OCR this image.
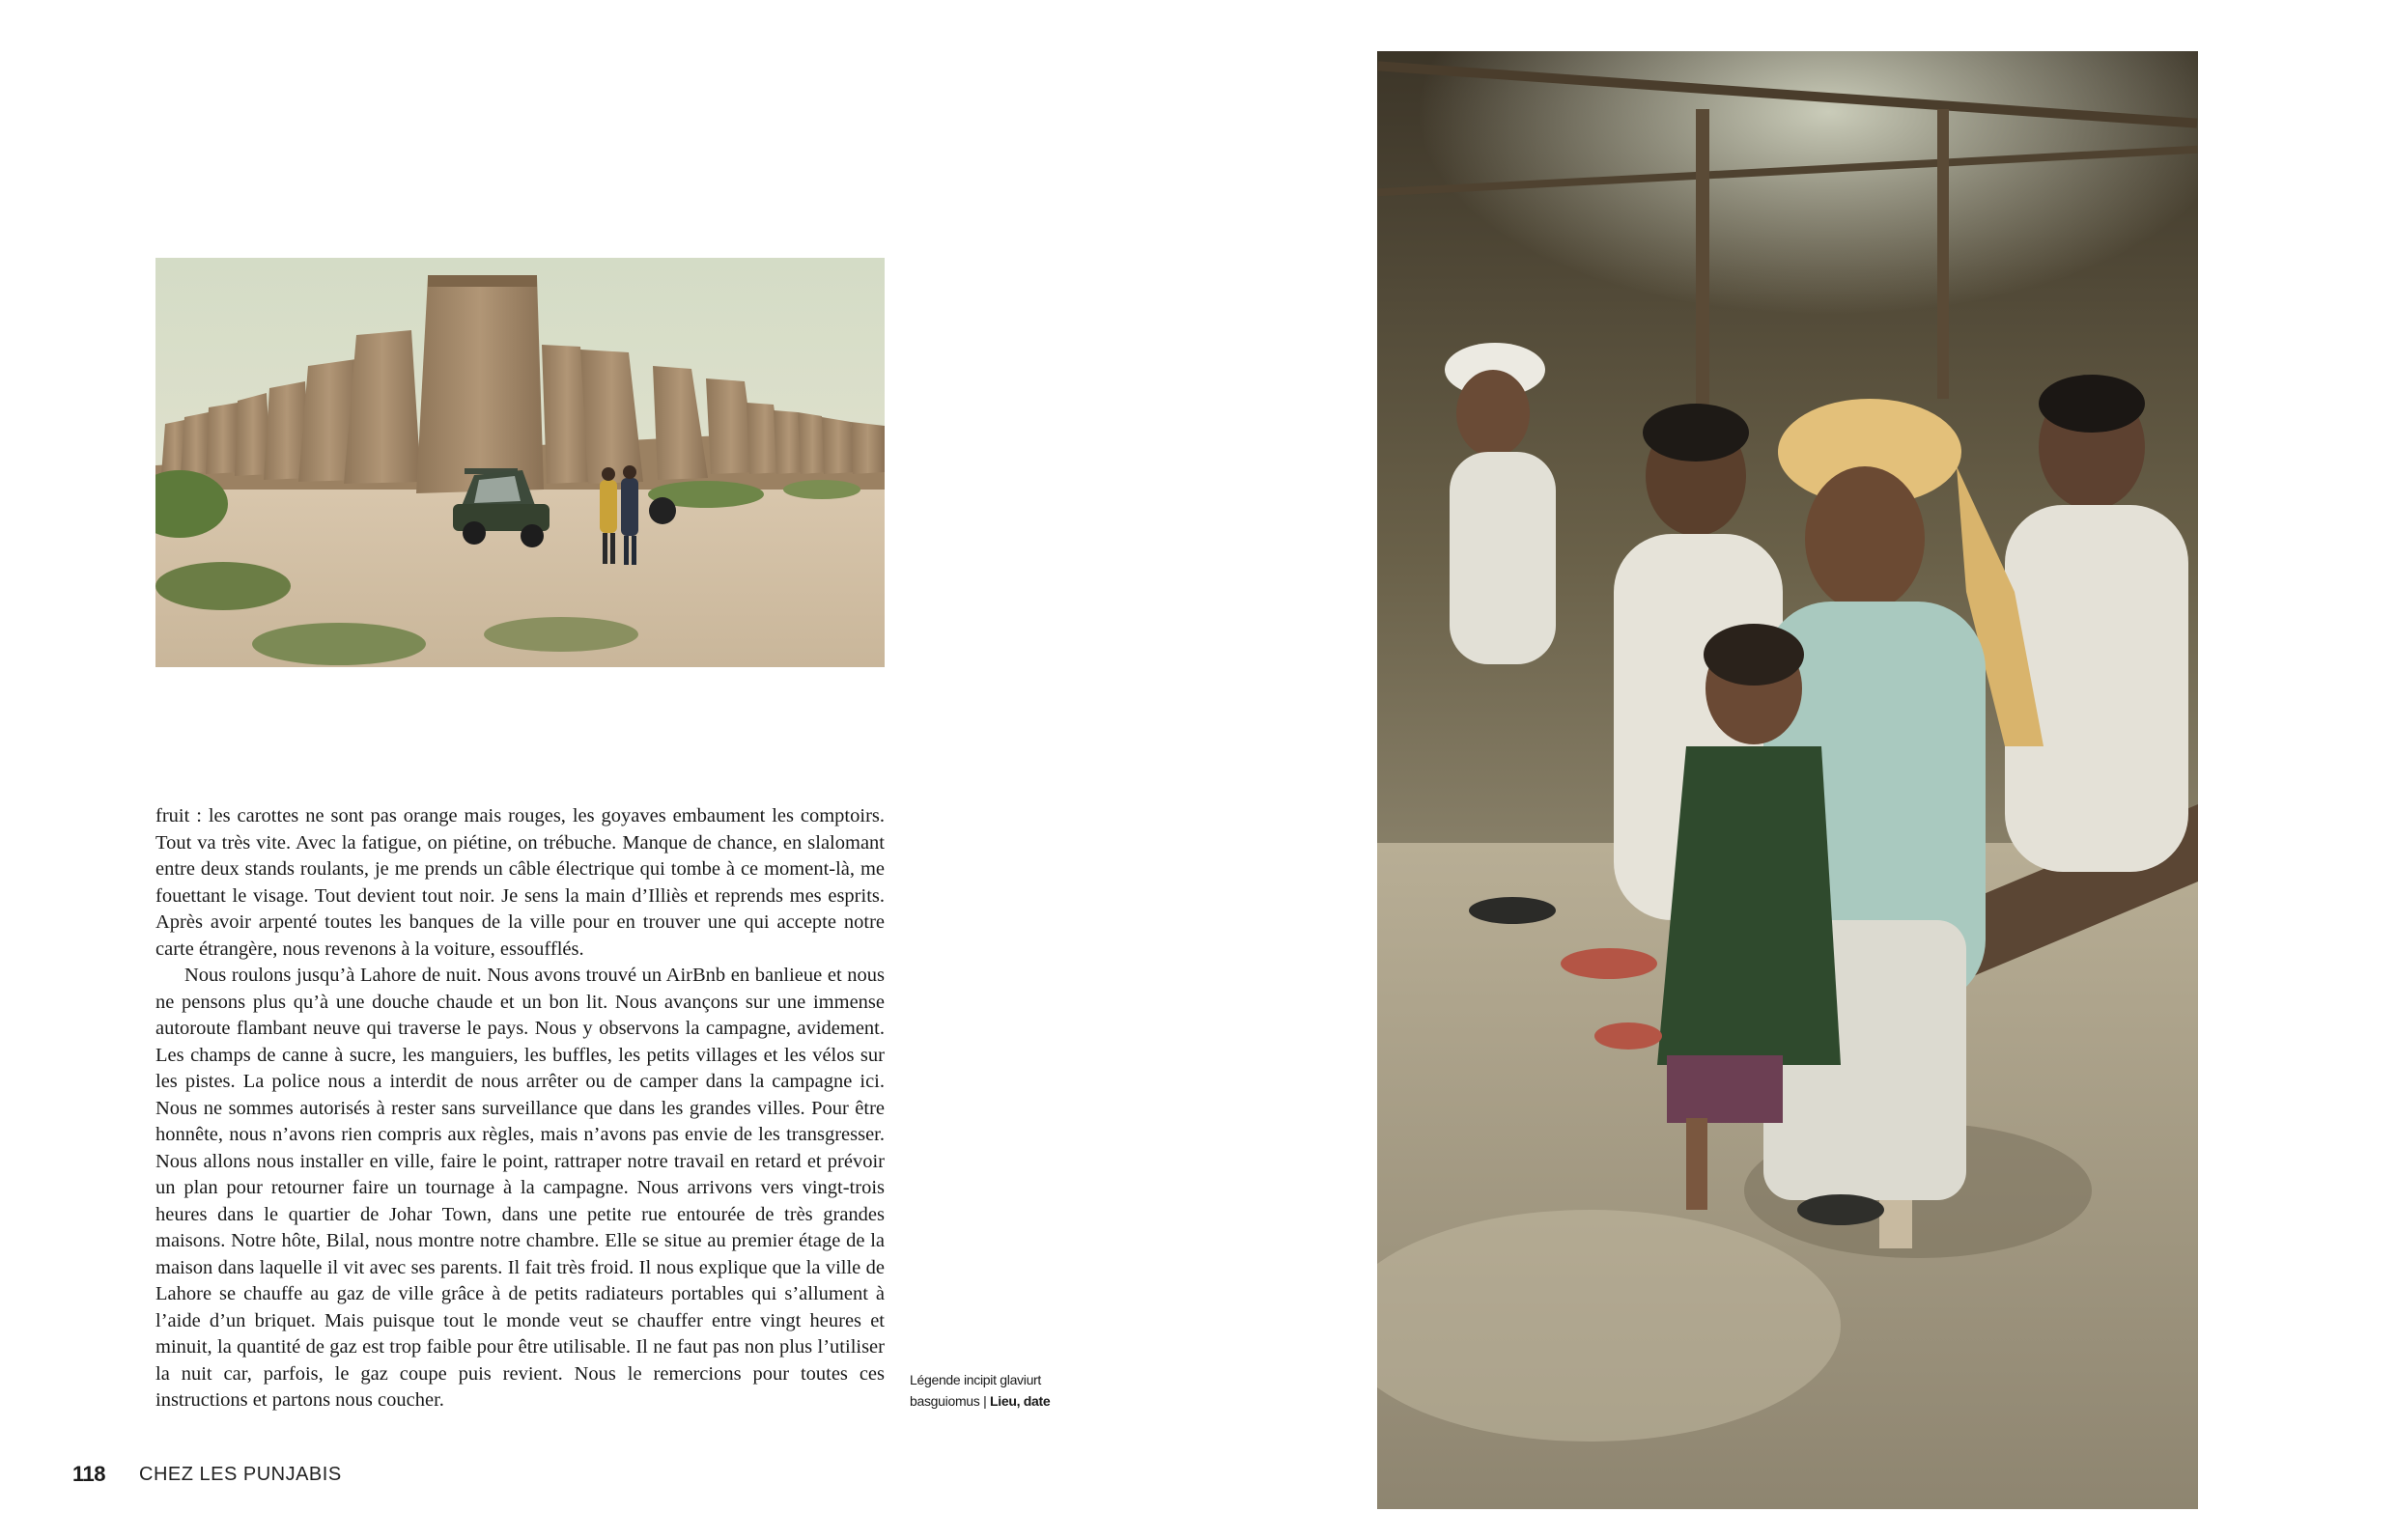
fruit : les carottes ne sont pas orange mais rouges, les goyaves embaument les comptoirs. Tout va très vite. Avec la fatigue, on piétine, on trébuche. Manque de chance, en slalomant entre deux stands roulants, je me prends un câble électrique qui tombe à ce moment-là, me fouettant le visage. Tout devient tout noir. Je sens la main d’Illiès et reprends mes esprits. Après avoir arpenté toutes les banques de la ville pour en trouver une qui accepte notre carte étrangère, nous revenons à la voiture, essoufflés.

Nous roulons jusqu’à Lahore de nuit. Nous avons trouvé un AirBnb en banlieue et nous ne pensons plus qu’à une douche chaude et un bon lit. Nous avançons sur une immense autoroute flambant neuve qui traverse le pays. Nous y observons la campagne, avidement. Les champs de canne à sucre, les manguiers, les buffles, les petits villages et les vélos sur les pistes. La police nous a interdit de nous arrêter ou de camper dans la campagne ici. Nous ne sommes autorisés à rester sans surveillance que dans les grandes villes. Pour être honnête, nous n’avons rien compris aux règles, mais n’avons pas envie de les transgresser. Nous allons nous installer en ville, faire le point, rattraper notre travail en retard et prévoir un plan pour retourner faire un tournage à la campagne. Nous arrivons vers vingt-trois heures dans le quartier de Johar Town, dans une petite rue entourée de très grandes maisons. Notre hôte, Bilal, nous montre notre chambre. Elle se situe au premier étage de la maison dans laquelle il vit avec ses parents. Il fait très froid. Il nous explique que la ville de Lahore se chauffe au gaz de ville grâce à de petits radiateurs portables qui s’allument à l’aide d’un briquet. Mais puisque tout le monde veut se chauffer entre vingt heures et minuit, la quantité de gaz est trop faible pour être utilisable. Il ne faut pas non plus l’utiliser la nuit car, parfois, le gaz coupe puis revient. Nous le remercions pour toutes ces instructions et partons nous coucher.

Légende incipit glaviurt
basguiomus | Lieu, date
118 CHEZ LES PUNJABIS
